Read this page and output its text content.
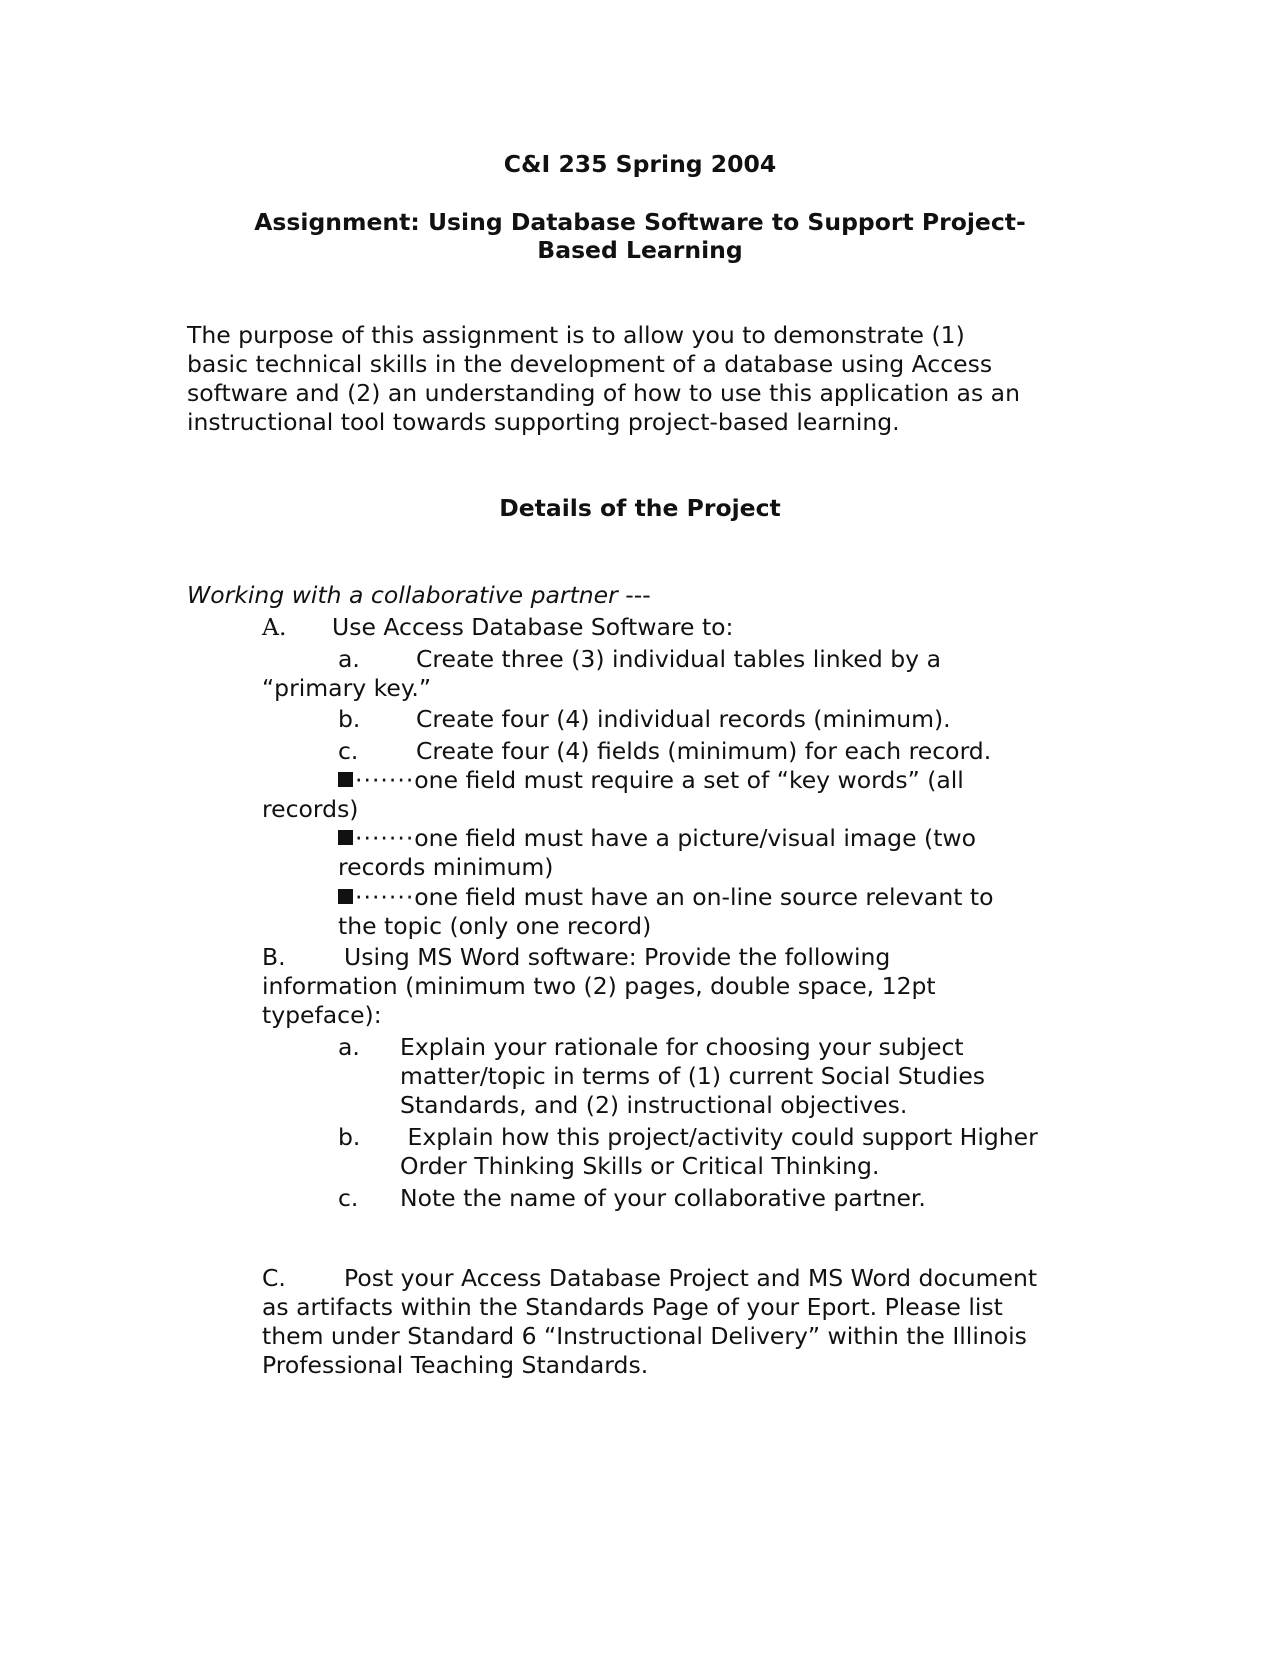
C&I 235 Spring 2004
Assignment: Using Database Software to Support Project-
Based Learning
The purpose of this assignment is to allow you to demonstrate (1)
basic technical skills in the development of a database using Access
software and (2) an understanding of how to use this application as an
instructional tool towards supporting project-based learning.
Details of the Project
Working with a collaborative partner ---
A. Use Access Database Software to:
a. Create three (3) individual tables linked by a
“primary key.”
b. Create four (4) individual records (minimum).
c. Create four (4) fields (minimum) for each record.
·······one field must require a set of “key words” (all
records)
·······one field must have a picture/visual image (two
records minimum)
·······one field must have an on-line source relevant to
the topic (only one record)
B. Using MS Word software: Provide the following
information (minimum two (2) pages, double space, 12pt
typeface):
a. Explain your rationale for choosing your subject
matter/topic in terms of (1) current Social Studies
Standards, and (2) instructional objectives.
b. Explain how this project/activity could support Higher
Order Thinking Skills or Critical Thinking.
c. Note the name of your collaborative partner.
C. Post your Access Database Project and MS Word document
as artifacts within the Standards Page of your Eport. Please list
them under Standard 6 “Instructional Delivery” within the Illinois
Professional Teaching Standards.
